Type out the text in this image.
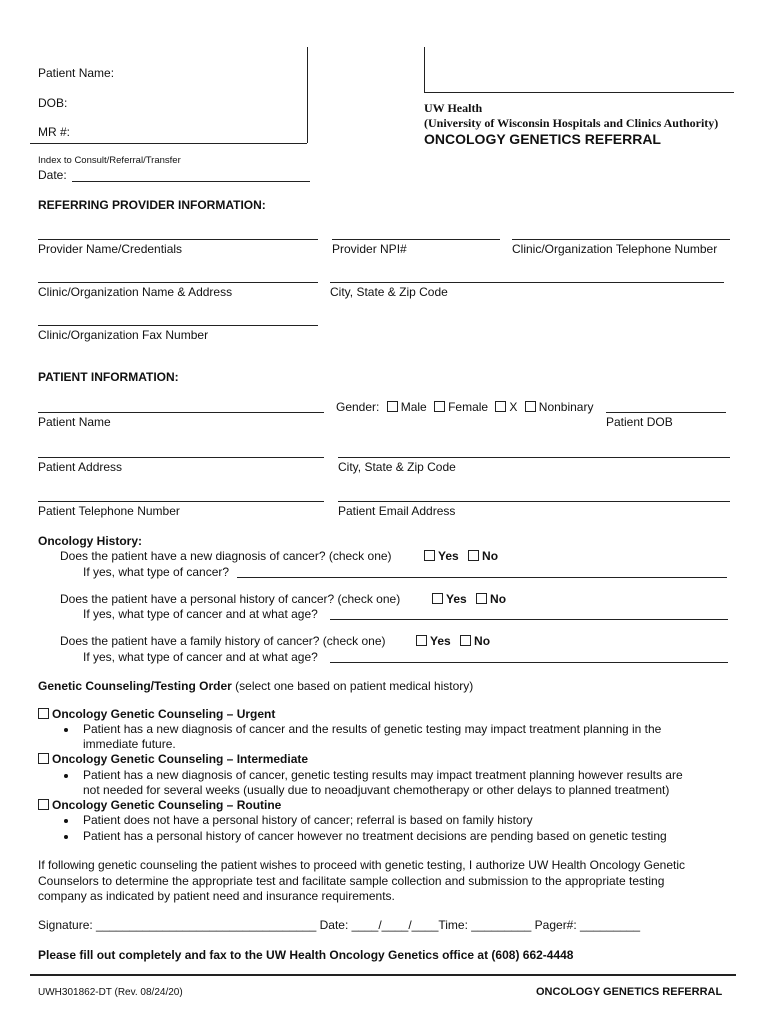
Patient Name:
DOB:
MR #:
UW Health
(University of Wisconsin Hospitals and Clinics Authority)
ONCOLOGY GENETICS REFERRAL
Index to Consult/Referral/Transfer
Date:
REFERRING PROVIDER INFORMATION:
Provider Name/Credentials	Provider NPI#	Clinic/Organization Telephone Number
Clinic/Organization Name & Address	City, State & Zip Code
Clinic/Organization Fax Number
PATIENT INFORMATION:
Gender: Male Female X Nonbinary
Patient Name	Patient DOB
Patient Address	City, State & Zip Code
Patient Telephone Number	Patient Email Address
Oncology History:
Does the patient have a new diagnosis of cancer? (check one)	Yes No
If yes, what type of cancer?
Does the patient have a personal history of cancer? (check one)	Yes No
If yes, what type of cancer and at what age?
Does the patient have a family history of cancer? (check one)	Yes No
If yes, what type of cancer and at what age?
Genetic Counseling/Testing Order (select one based on patient medical history)
Oncology Genetic Counseling – Urgent
Patient has a new diagnosis of cancer and the results of genetic testing may impact treatment planning in the
immediate future.
Oncology Genetic Counseling – Intermediate
Patient has a new diagnosis of cancer, genetic testing results may impact treatment planning however results are
not needed for several weeks (usually due to neoadjuvant chemotherapy or other delays to planned treatment)
Oncology Genetic Counseling – Routine
Patient does not have a personal history of cancer; referral is based on family history
Patient has a personal history of cancer however no treatment decisions are pending based on genetic testing
If following genetic counseling the patient wishes to proceed with genetic testing, I authorize UW Health Oncology Genetic
Counselors to determine the appropriate test and facilitate sample collection and submission to the appropriate testing
company as indicated by patient need and insurance requirements.
Signature: _________________________________ Date: ____/____/____Time: _________ Pager#: _________
Please fill out completely and fax to the UW Health Oncology Genetics office at (608) 662-4448
UWH301862-DT (Rev. 08/24/20)	ONCOLOGY GENETICS REFERRAL
